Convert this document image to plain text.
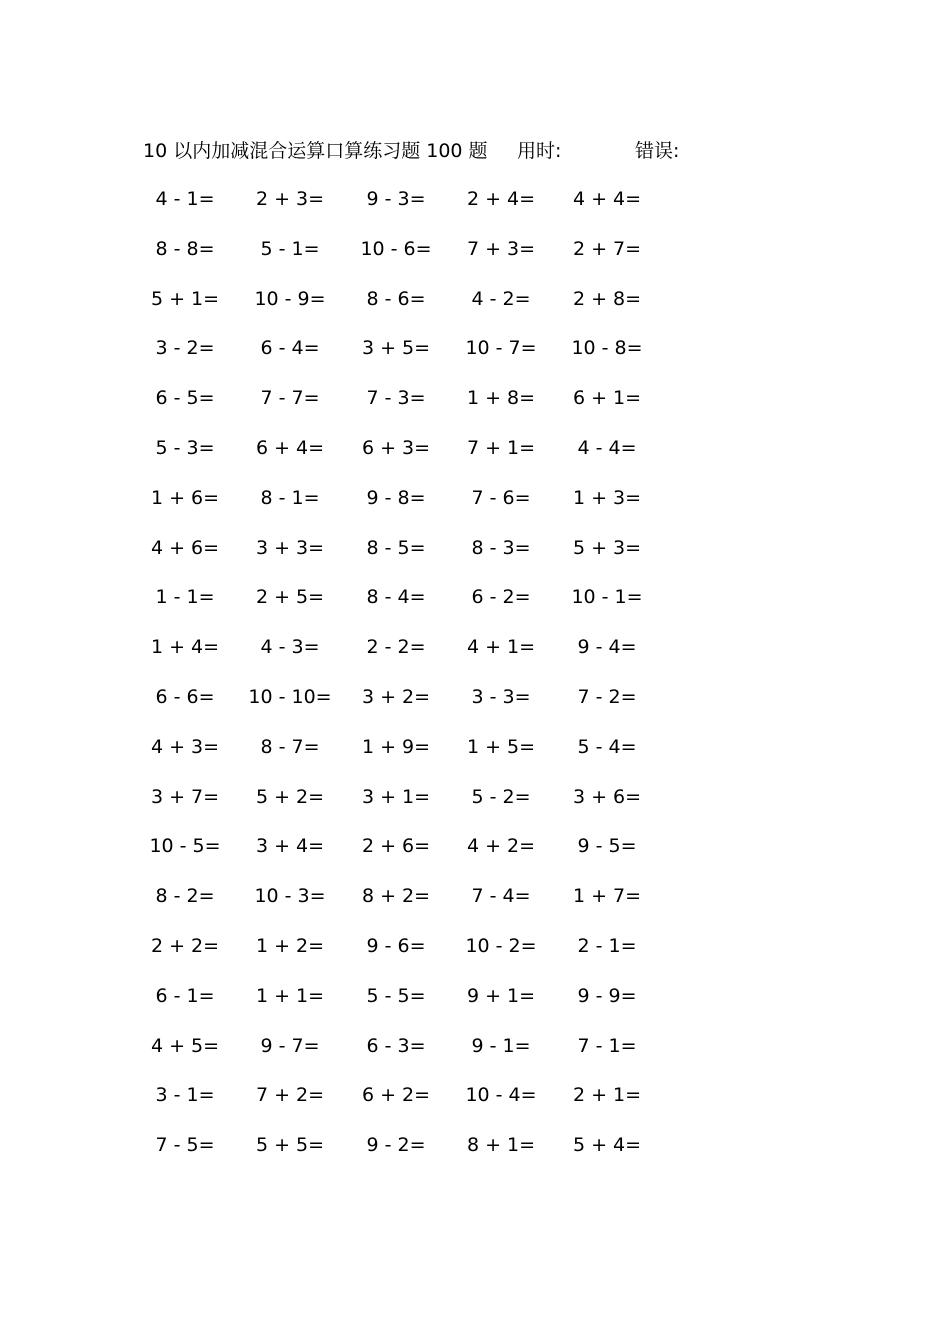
10 以内加减混合运算口算练习题 100 题 用时:	错误:
4 - 1=	2 + 3=	9 - 3=	2 + 4=	4 + 4=
8 - 8=	5 - 1=	10 - 6=	7 + 3=	2 + 7=
5 + 1=	10 - 9=	8 - 6=	4 - 2=	2 + 8=
3 - 2=	6 - 4=	3 + 5=	10 - 7=	10 - 8=
6 - 5=	7 - 7=	7 - 3=	1 + 8=	6 + 1=
5 - 3=	6 + 4=	6 + 3=	7 + 1=	4 - 4=
1 + 6=	8 - 1=	9 - 8=	7 - 6=	1 + 3=
4 + 6=	3 + 3=	8 - 5=	8 - 3=	5 + 3=
1 - 1=	2 + 5=	8 - 4=	6 - 2=	10 - 1=
1 + 4=	4 - 3=	2 - 2=	4 + 1=	9 - 4=
6 - 6=	10 - 10=	3 + 2=	3 - 3=	7 - 2=
4 + 3=	8 - 7=	1 + 9=	1 + 5=	5 - 4=
3 + 7=	5 + 2=	3 + 1=	5 - 2=	3 + 6=
10 - 5=	3 + 4=	2 + 6=	4 + 2=	9 - 5=
8 - 2=	10 - 3=	8 + 2=	7 - 4=	1 + 7=
2 + 2=	1 + 2=	9 - 6=	10 - 2=	2 - 1=
6 - 1=	1 + 1=	5 - 5=	9 + 1=	9 - 9=
4 + 5=	9 - 7=	6 - 3=	9 - 1=	7 - 1=
3 - 1=	7 + 2=	6 + 2=	10 - 4=	2 + 1=
7 - 5=	5 + 5=	9 - 2=	8 + 1=	5 + 4=
